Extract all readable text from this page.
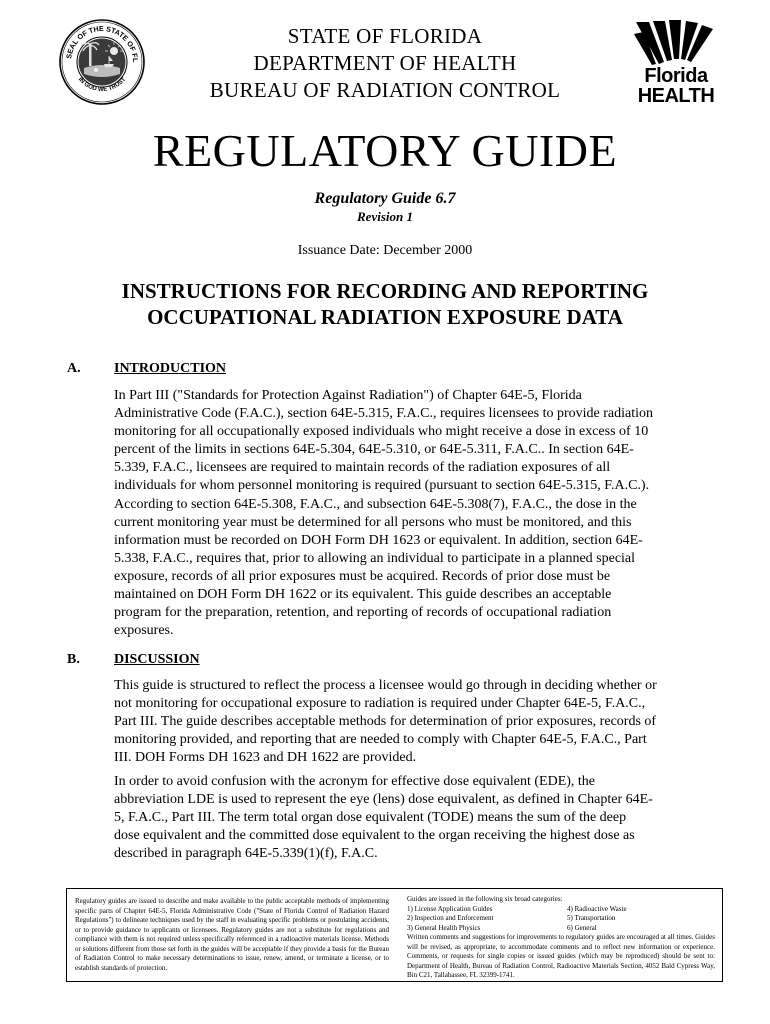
SEAL OF THE STATE OF FL
IN GOD WE TRUST
STATE OF FLORIDA
DEPARTMENT OF HEALTH
BUREAU OF RADIATION CONTROL
Florida
HEALTH
REGULATORY GUIDE
Regulatory Guide 6.7
Revision 1
Issuance Date: December 2000
INSTRUCTIONS FOR RECORDING AND REPORTING
OCCUPATIONAL RADIATION EXPOSURE DATA
A. INTRODUCTION
In Part III ("Standards for Protection Against Radiation") of Chapter 64E-5, Florida
Administrative Code (F.A.C.), section 64E-5.315, F.A.C., requires licensees to provide radiation
monitoring for all occupationally exposed individuals who might receive a dose in excess of 10
percent of the limits in sections 64E-5.304, 64E-5.310, or 64E-5.311, F.A.C.. In section 64E-
5.339, F.A.C., licensees are required to maintain records of the radiation exposures of all
individuals for whom personnel monitoring is required (pursuant to section 64E-5.315, F.A.C.).
According to section 64E-5.308, F.A.C., and subsection 64E-5.308(7), F.A.C., the dose in the
current monitoring year must be determined for all persons who must be monitored, and this
information must be recorded on DOH Form DH 1623 or equivalent. In addition, section 64E-
5.338, F.A.C., requires that, prior to allowing an individual to participate in a planned special
exposure, records of all prior exposures must be acquired. Records of prior dose must be
maintained on DOH Form DH 1622 or its equivalent. This guide describes an acceptable
program for the preparation, retention, and reporting of records of occupational radiation
exposures.
B. DISCUSSION
This guide is structured to reflect the process a licensee would go through in deciding whether or
not monitoring for occupational exposure to radiation is required under Chapter 64E-5, F.A.C.,
Part III. The guide describes acceptable methods for determination of prior exposures, records of
monitoring provided, and reporting that are needed to comply with Chapter 64E-5, F.A.C., Part
III. DOH Forms DH 1623 and DH 1622 are provided.
In order to avoid confusion with the acronym for effective dose equivalent (EDE), the
abbreviation LDE is used to represent the eye (lens) dose equivalent, as defined in Chapter 64E-
5, F.A.C., Part III. The term total organ dose equivalent (TODE) means the sum of the deep
dose equivalent and the committed dose equivalent to the organ receiving the highest dose as
described in paragraph 64E-5.339(1)(f), F.A.C.
Regulatory guides are issued to describe and make available to the public acceptable methods of implementing specific parts of Chapter 64E-5, Florida Administrative Code ("State of Florida Control of Radiation Hazard Regulations") to delineate techniques used by the staff in evaluating specific problems or postulating accidents, or to provide guidance to applicants or licensees. Regulatory guides are not a substitute for regulations and compliance with them is not required unless specifically referenced in a radioactive materials license. Methods or solutions different from those set forth in the guides will be acceptable if they provide a basis for the Bureau of Radiation Control to make necessary determinations to issue, renew, amend, or terminate a license, or to establish standards of protection.
Guides are issued in the following six broad categories:
1) License Application Guides	4) Radioactive Waste
2) Inspection and Enforcement	5) Transportation
3) General Health Physics	6) General
Written comments and suggestions for improvements to regulatory guides are encouraged at all times. Guides will be revised, as appropriate, to accommodate comments and to reflect new information or experience. Comments, or requests for single copies or issued guides (which may be reproduced) should be sent to: Department of Health, Bureau of Radiation Control, Radioactive Materials Section, 4052 Bald Cypress Way, Bin C21, Tallahassee, FL 32399-1741.
